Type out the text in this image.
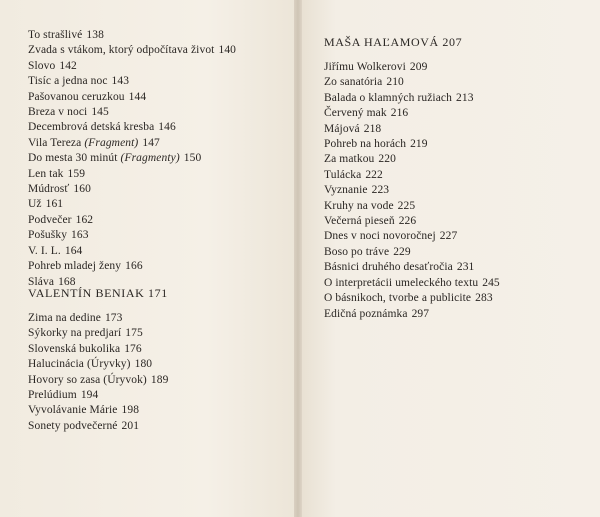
To strašlivé 138
Zvada s vtákom, ktorý odpočítava život 140
Slovo 142
Tisíc a jedna noc 143
Pašovanou ceruzkou 144
Breza v noci 145
Decembrová detská kresba 146
Vila Tereza (Fragment) 147
Do mesta 30 minút (Fragmenty) 150
Len tak 159
Múdrosť 160
Už 161
Podvečer 162
Pošušky 163
V. I. L. 164
Pohreb mladej ženy 166
Sláva 168
VALENTÍN BENIAK 171
Zima na dedine 173
Sýkorky na predjarí 175
Slovenská bukolika 176
Halucinácia (Úryvky) 180
Hovory so zasa (Úryvok) 189
Prelúdium 194
Vyvolávanie Márie 198
Sonety podvečerné 201
MAŠA HAĽAMOVÁ 207
Jiřímu Wolkerovi 209
Zo sanatória 210
Balada o klamných ružiach 213
Červený mak 216
Májová 218
Pohreb na horách 219
Za matkou 220
Tulácka 222
Vyznanie 223
Kruhy na vode 225
Večerná pieseň 226
Dnes v noci novoročnej 227
Boso po tráve 229
Básnici druhého desaťročia 231
O interpretácii umeleckého textu 245
O básnikoch, tvorbe a publicite 283
Edičná poznámka 297
